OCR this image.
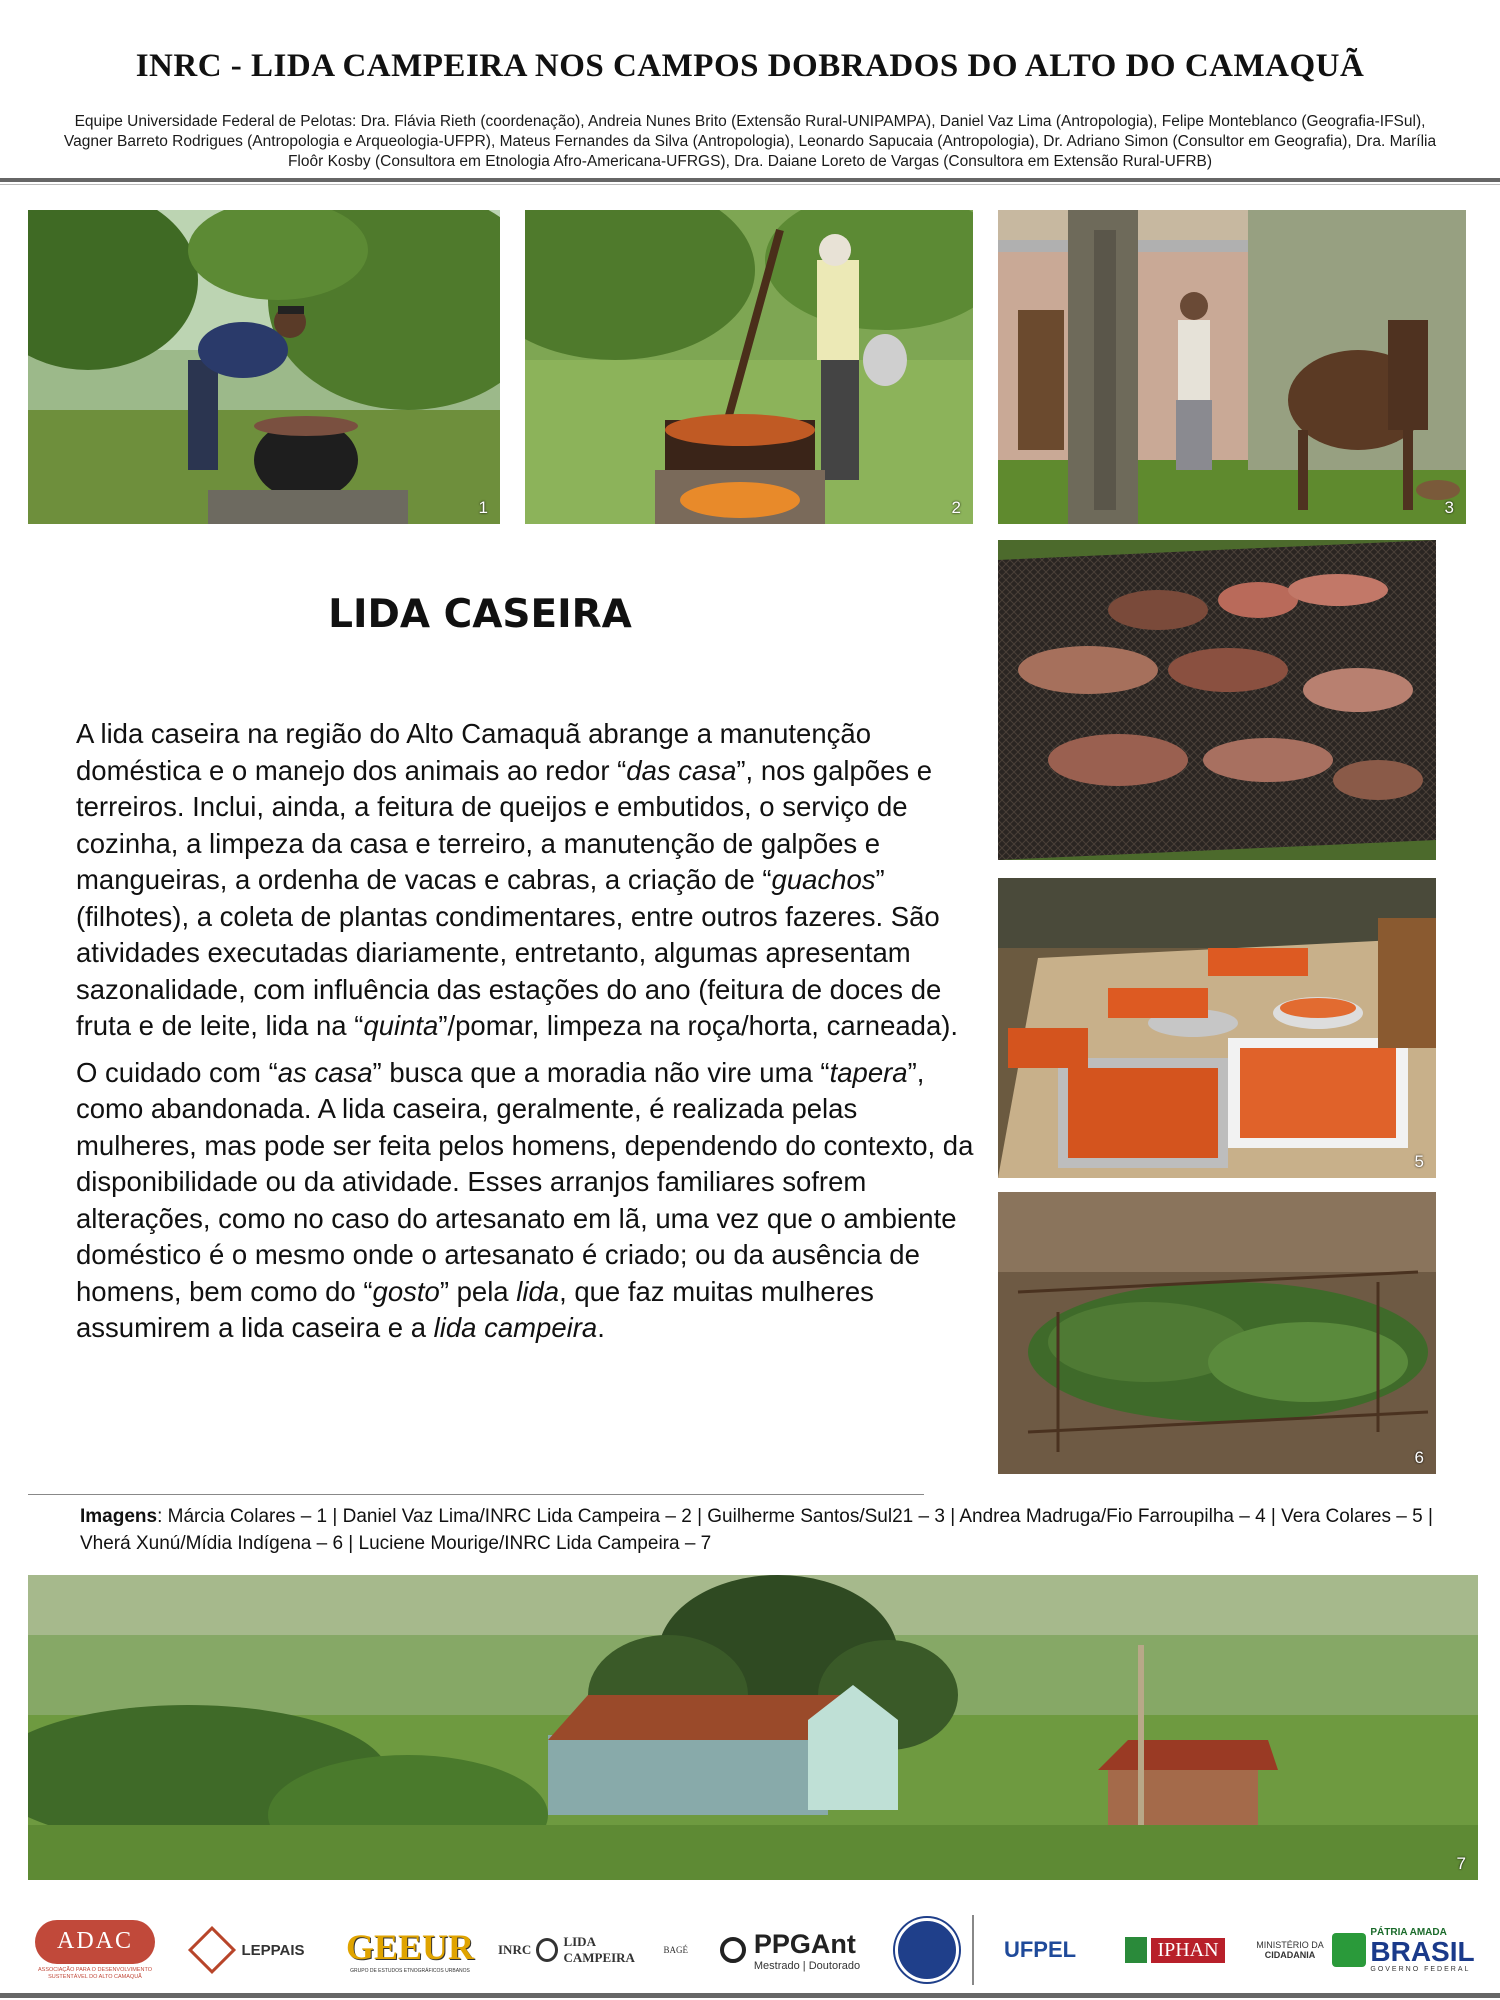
INRC - LIDA CAMPEIRA NOS CAMPOS DOBRADOS DO ALTO DO CAMAQUÃ
Equipe Universidade Federal de Pelotas: Dra. Flávia Rieth (coordenação), Andreia Nunes Brito (Extensão Rural-UNIPAMPA), Daniel Vaz Lima (Antropologia), Felipe Monteblanco (Geografia-IFSul), Vagner Barreto Rodrigues (Antropologia e Arqueologia-UFPR), Mateus Fernandes da Silva (Antropologia), Leonardo Sapucaia (Antropologia), Dr. Adriano Simon (Consultor em Geografia), Dra. Marília Floôr Kosby (Consultora em Etnologia Afro-Americana-UFRGS), Dra. Daiane Loreto de Vargas (Consultora em Extensão Rural-UFRB)
1	2	3
5
6
LIDA CASEIRA

A lida caseira na região do Alto Camaquã abrange a manutenção doméstica e o manejo dos animais ao redor “das casa”, nos galpões e terreiros. Inclui, ainda, a feitura de queijos e embutidos, o serviço de cozinha, a limpeza da casa e terreiro, a manutenção de galpões e mangueiras, a ordenha de vacas e cabras, a criação de “guachos” (filhotes), a coleta de plantas condimentares, entre outros fazeres. São atividades executadas diariamente, entretanto, algumas apresentam sazonalidade, com influência das estações do ano (feitura de doces de fruta e de leite, lida na “quinta”/pomar, limpeza na roça/horta, carneada).

O cuidado com “as casa” busca que a moradia não vire uma “tapera”, como abandonada. A lida caseira, geralmente, é realizada pelas mulheres, mas pode ser feita pelos homens, dependendo do contexto, da disponibilidade ou da atividade. Esses arranjos familiares sofrem alterações, como no caso do artesanato em lã, uma vez que o ambiente doméstico é o mesmo onde o artesanato é criado; ou da ausência de homens, bem como do “gosto” pela lida, que faz muitas mulheres assumirem a lida caseira e a lida campeira.

Imagens: Márcia Colares – 1 | Daniel Vaz Lima/INRC Lida Campeira – 2 | Guilherme Santos/Sul21 – 3 | Andrea Madruga/Fio Farroupilha – 4 | Vera Colares – 5 | Vherá Xunú/Mídia Indígena – 6 | Luciene Mourige/INRC Lida Campeira – 7
7
ADAC
ASSOCIAÇÃO PARA O DESENVOLVIMENTO SUSTENTÁVEL DO ALTO CAMAQUÃ
LEPPAIS GEEUR
GRUPO DE ESTUDOS ETNOGRÁFICOS URBANOS
INRC
LIDA CAMPEIRA	BAGÉ PPGAnt
Mestrado | Doutorado
UFPEL	IPHAN	MINISTÉRIO DA
CIDADANIA
PÁTRIA AMADA
BRASIL
GOVERNO FEDERAL
